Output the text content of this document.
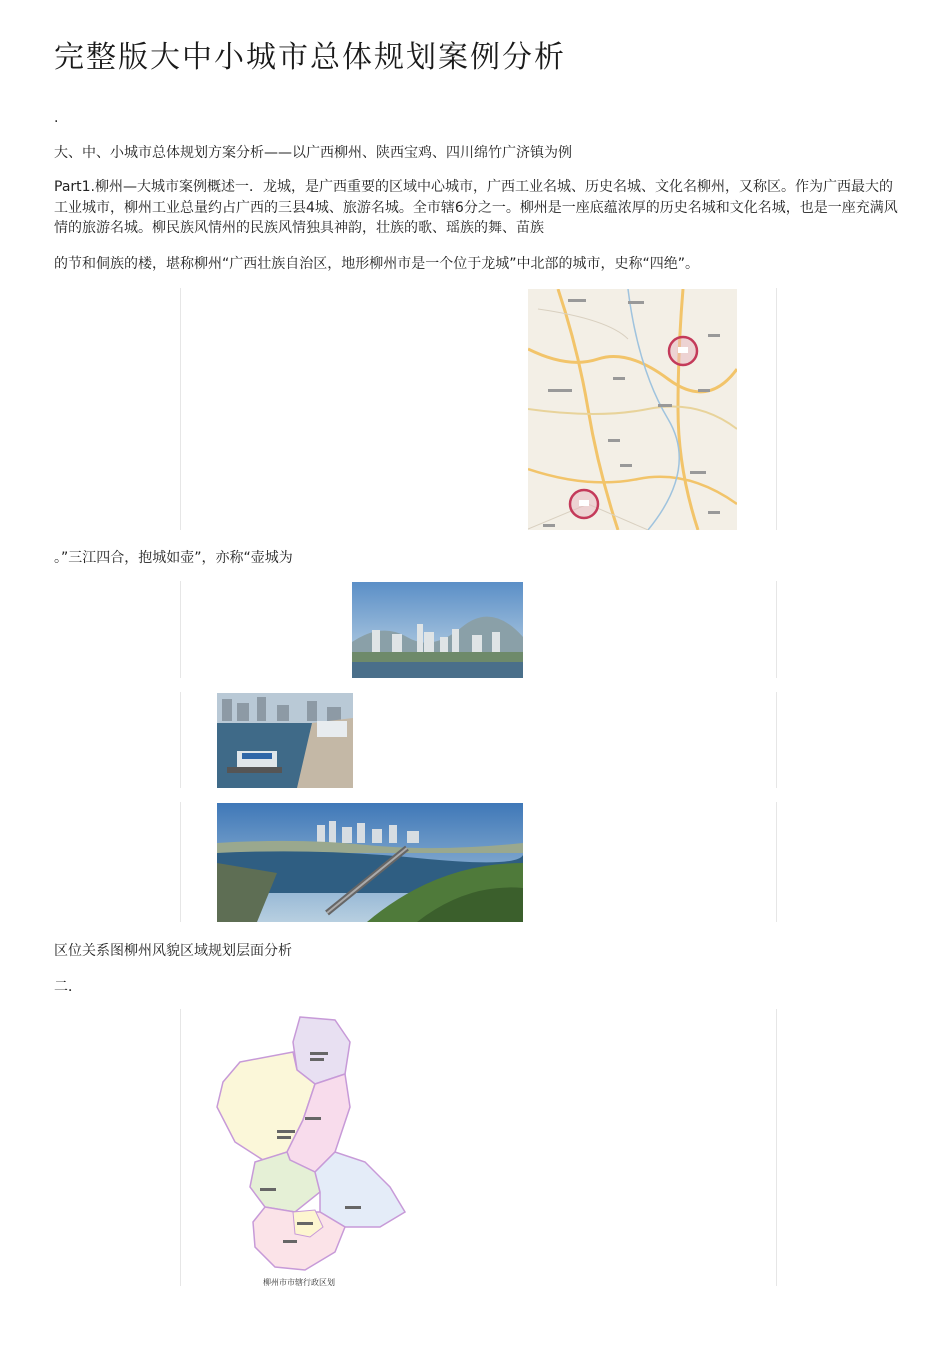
完整版大中小城市总体规划案例分析
.
大、中、小城市总体规划方案分析——以广西柳州、陕西宝鸡、四川绵竹广济镇为例
Part1.柳州—大城市案例概述一．龙城，是广西重要的区域中心城市，广西工业名城、历史名城、文化名柳州，又称区。作为广西最大的工业城市，柳州工业总量约占广西的三县4城、旅游名城。全市辖6分之一。柳州是一座底蕴浓厚的历史名城和文化名城，也是一座充满风情的旅游名城。柳民族风情州的民族风情独具神韵，壮族的歌、瑶族的舞、苗族
的节和侗族的楼，堪称柳州“广西壮族自治区，地形柳州市是一个位于龙城”中北部的城市，史称“四绝”。
。”三江四合，抱城如壶”，亦称“壶城为
区位关系图柳州风貌区域规划层面分析
二．
柳州市市辖行政区划
